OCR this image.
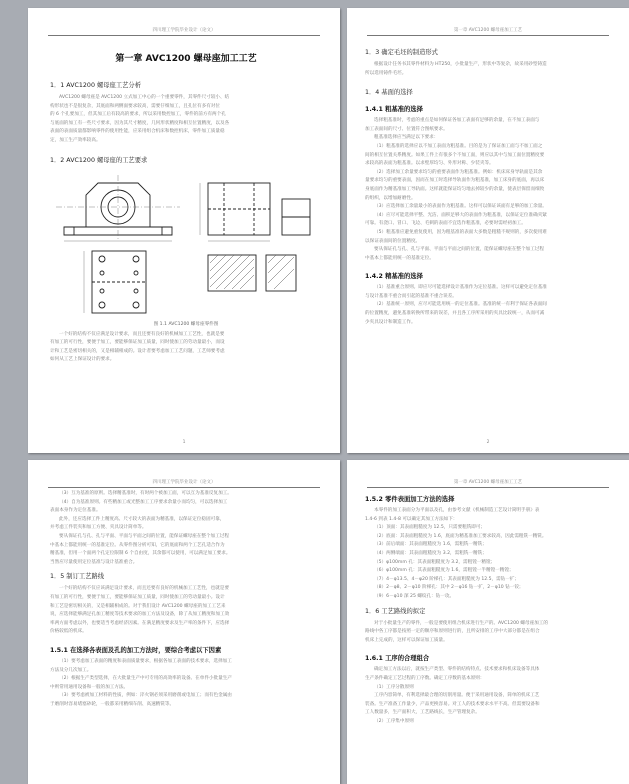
四川理工学院毕业设计（论文）
第一章 AVC1200 螺母座加工工艺
1．1 AVC1200 螺母座工艺分析

AVC1200 螺母座是 AVC1200 立式加工中心的一个重要零件，其零件尺寸较小、结

构形状也不是很复杂，其底面和两侧面要求较高，需要仔细加工，且孔位有多有对位

的 6 个孔要加工，但其加工后有较高的要求，所以采用数控加工，零件的前方有两个孔

与底面的加工有一些尺寸要求，因为其尺寸精度，几何形状精度和相互位置精度，以及各

表面的表面质量都影响零件的使用性能，应采用组合机床和数控机床，零件加工质量稳

定，加工生产效率较高。

1．2 AVC1200 螺母座的工艺要求
图 1.1 AVC1200 螺母座零件图

一个好的结构不仅应满足设计要求，而且还要有良好的机械加工工艺性，也就是要

有加工的可行性，要便于加工，要能够保证加工质量，同时使加工的劳动量最小，而设

计和工艺是密切相关的，又是相辅相成的。设计者要考虑加工工艺问题，工艺师要考虑

如何从工艺上保证设计的要求。

1
第一章 AVC1200 螺母座加工工艺
1．3 确定毛坯的制造形式

根据设计任务书其零件材料为 HT250，小批量生产，形状中等复杂，故采用砂型铸造

所以选用铸件毛坯。

1．4 基面的选择
1.4.1 粗基准的选择

选择粗基准时，考虑的重点是如何保证各加工表面有足够的余量，在不加工表面与

加工表面间的尺寸、位置符合图纸要求。

粗基准选择应当满足以下要求：

（1）粗基准的选择应以不加工表面为粗基准。目的是为了保证加工面与不加工面之

间的相互位置关系精度。如果工件上有很多个不加工面，则应以其中与加工面位置精度要

求较高的表面为粗基准。以求壁厚均匀、外形对称、少装夹等。

（2）选择加工余量要求均匀的重要表面作为粗基准。例如：机床床身导轨面是其余

量要求均匀的重要表面，因而在加工时选择导轨面作为粗基准，加工床身的底面，再以床

身底面作为精基准加工导轨面。这样就能保证均匀地去掉较少的余量，使表层保留而细致

的组织，以增加耐磨性。

（3）应选择加工余量最小的表面作为粗基准。这样可以保证该面有足够的加工余量。

（4）应尽可能选择平整、光洁、面积足够大的表面作为粗基准，以保证定位准确夹紧

可靠。有浇口、冒口、飞边、毛刺的表面不宜选作粗基准，必要时需经初加工。

（5）粗基准应避免重复使用，因为粗基准的表面大多数是粗糙不规则的，多次使用难

以保证表面间的位置精度。

要从保证孔与孔、孔与平面、平面与平面之间的位置，能保证螺母座在整个加工过程

中基本上都能用统一的基准定位。

1.4.2 精基准的选择

（1）基准重合原则。即应尽可能选择设计基准作为定位基准。这样可以避免定位基准

与设计基准不重合而引起的基准不重合误差。

（2）基准统一原则，应尽可能选用统一的定位基准。基准的统一有利于保证各表面间

的位置精度，避免基准转换所带来的误差，并且各工序所采用的夹具比较统一，从而可减

少夹具设计和制造工作。

2
四川理工学院毕业设计（论文）

（3）互为基准的原则。选择精基准时，有时两个被加工面，可以互为基准反复加工。

（4）自为基准原则。有些精加工或光整加工工序要求余量小而均匀，可以选择加工

表面本身作为定位基准。

此外，还应选择工件上精度高、尺寸较大的表面为精基准，以保证定位稳固可靠，

并考虑工件装夹和加工方便、夹具设计简单等。

要从保证孔与孔、孔与平面、平面与平面之间的位置，能保证螺母座在整个加工过程

中基本上都能用统一的基准定位。从零件图分析可知，它的底面和两个工艺孔适合作为

精基准，但用一个面两个孔定位限制 6 个自由度，其余都可以使用，可以满足加工要求。

当然应尽量使用定位基准与设计基准重合。

1．5 制订工艺路线

一个好的结构不仅应该满足设计要求，而且还要有良好的机械加工工艺性，也就是要

有加工的可行性，要便于加工，要能够保证加工质量，同时使加工的劳动量最小。设计

和工艺是密切相关的，又是相辅相成的。对于我们设计 AVC1200 螺母座的加工工艺来

说，应选择能够满足孔加工精度等技术要求的加工方法及设备，除了从加工精度和加工效

率两方面考虑以外，也要适当考虑经济因素。在满足精度要求及生产率的条件下，应选择

价格较低的机床。

1.5.1 在选择各表面及孔的加工方法时，要综合考虑以下因素

（1）要考虑加工表面的精度和表面质量要求，根据各加工表面的技术要求，选择加工

方法及分几次加工。

（2）根据生产类型选择，在大批量生产中可专用的高效率的设备。在单件小批量生产

中则常用通用设备和一般的加工方法。

（3）要考虑被加工材料的性质，例如：淬火钢必须采用磨削或电加工；而有色金属由

于磨削时容易堵塞砂轮，一般都采用精细车削、高速精铣等。

第一章 AVC1200 螺母座加工工艺
1.5.2 零件表面加工方法的选择

本零件的加工表面分为平面以及孔，由参考文献《机械制造工艺设计简明手册》表

1.4-6 到表 1.4-8 可以确定其加工方法如下：

（1）顶面：其表面粗糙度为 12.5，只需要粗铣即可；

（2）底面：其表面粗糙度为 1.6，底面为精基准加工要求较高，因此需粗铣一精铣。

（3）前后端面：其表面粗糙度为 1.6，需粗铣一精铣；

（4）两侧端面：其表面粗糙度为 3.2，需粗铣一精铣；

（5）φ100mm 孔：其表面粗糙度为 3.2，需粗镗一精镗；

（6）φ100mm 孔：其表面粗糙度为 1.6，需粗镗一半精镗一精镗；

（7）4－φ13.5、4－φ20 阶梯孔：其表面粗糙度为 12.5，需钻一扩；

（8）2－φ8、2－φ10 阶梯孔：其中 2－φ16 钻一扩，2－φ10 钻一铰；

（9）6－φ10 深 25 螺纹孔：钻一攻。

1．6 工艺路线的拟定

对于小批量生产的零件，一般是要使用组合机床进行生产的。AVC1200 螺母座加工的

路线中各工序都是按照一定的顺序和原则进行的，且所安排的工序中大部分都是在组合

机床上完成的，这样可以保证加工质量。

1.6.1 工序的合理组合

确定加工方法以后，就按生产类型、零件的结构特点、技术要求和机床设备等具体

生产条件确定工艺过程的工序数。确定工序数的基本原则：

（1）工序分散原则

工序内容简单，有利选择最合理的切削用量。便于采用通用设备，简单的机床工艺

装备。生产准备工作量少，产品更换容易。对工人的技术要求水平不高。但需要设备和

工人数量多，生产面积大，工艺路线长，生产管理复杂。

（2）工序集中原则
